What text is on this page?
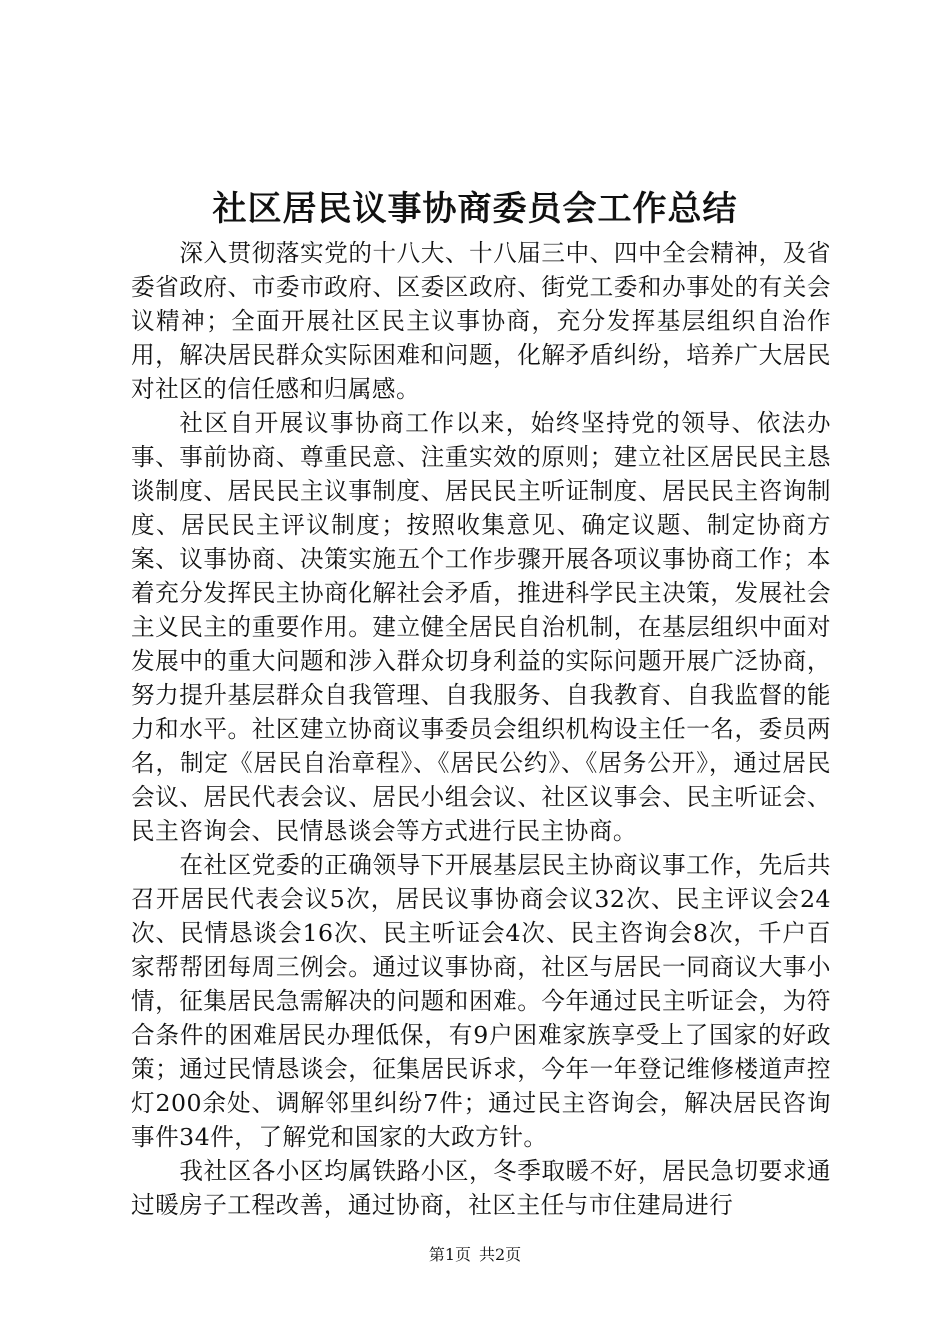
社区居民议事协商委员会工作总结

深入贯彻落实党的十八大、十八届三中、四中全会精神，及省委省政府、市委市政府、区委区政府、街党工委和办事处的有关会议精神；全面开展社区民主议事协商，充分发挥基层组织自治作用，解决居民群众实际困难和问题，化解矛盾纠纷，培养广大居民对社区的信任感和归属感。

社区自开展议事协商工作以来，始终坚持党的领导、依法办事、事前协商、尊重民意、注重实效的原则；建立社区居民民主恳谈制度、居民民主议事制度、居民民主听证制度、居民民主咨询制度、居民民主评议制度；按照收集意见、确定议题、制定协商方案、议事协商、决策实施五个工作步骤开展各项议事协商工作；本着充分发挥民主协商化解社会矛盾，推进科学民主决策，发展社会主义民主的重要作用。建立健全居民自治机制，在基层组织中面对发展中的重大问题和涉入群众切身利益的实际问题开展广泛协商，努力提升基层群众自我管理、自我服务、自我教育、自我监督的能力和水平。社区建立协商议事委员会组织机构设主任一名，委员两名，制定《居民自治章程》、《居民公约》、《居务公开》，通过居民会议、居民代表会议、居民小组会议、社区议事会、民主听证会、民主咨询会、民情恳谈会等方式进行民主协商。

在社区党委的正确领导下开展基层民主协商议事工作，先后共召开居民代表会议5次，居民议事协商会议32次、民主评议会24次、民情恳谈会16次、民主听证会4次、民主咨询会8次，千户百家帮帮团每周三例会。通过议事协商，社区与居民一同商议大事小情，征集居民急需解决的问题和困难。今年通过民主听证会，为符合条件的困难居民办理低保，有9户困难家族享受上了国家的好政策；通过民情恳谈会，征集居民诉求，今年一年登记维修楼道声控灯200余处、调解邻里纠纷7件；通过民主咨询会，解决居民咨询事件34件，了解党和国家的大政方针。

我社区各小区均属铁路小区，冬季取暖不好，居民急切要求通过暖房子工程改善，通过协商，社区主任与市住建局进行

第1页 共2页
